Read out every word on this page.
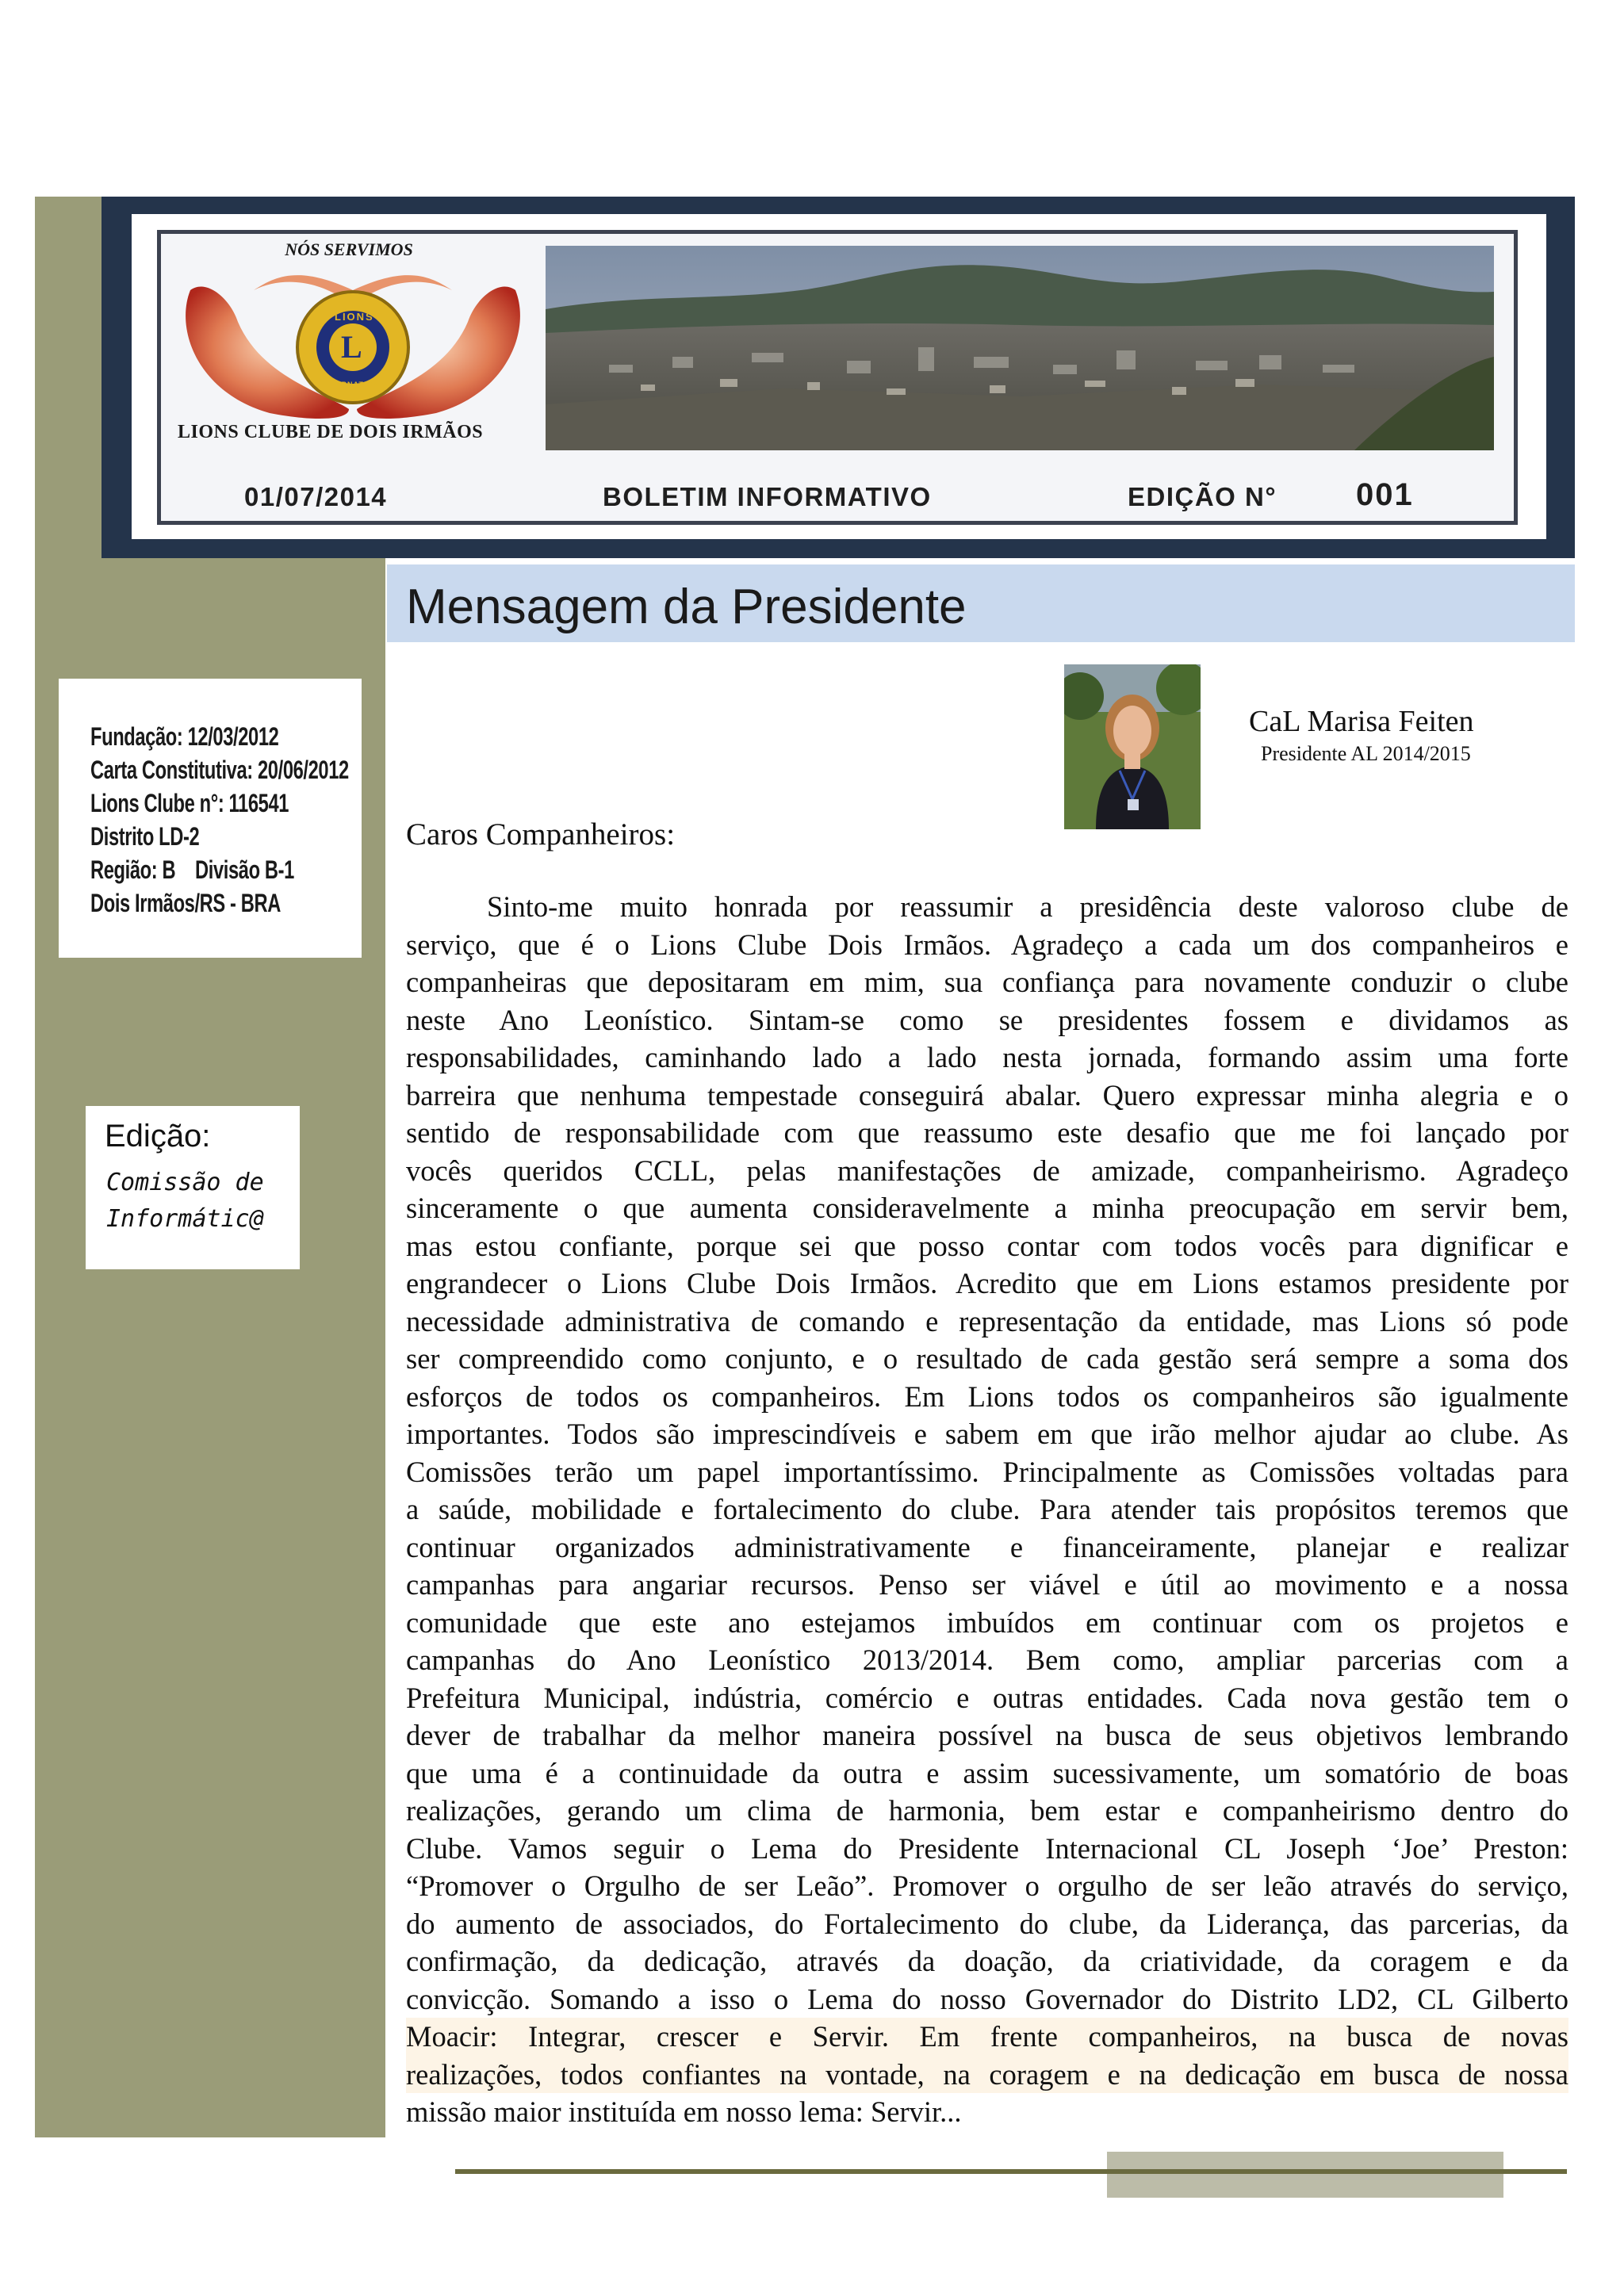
NÓS SERVIMOS
L
LIONS
INTERNATIONAL
LIONS CLUBE DE DOIS IRMÃOS
01/07/2014	BOLETIM INFORMATIVO	EDIÇÃO N° 001
Mensagem da Presidente
Fundação: 12/03/2012
Carta Constitutiva: 20/06/2012
Lions Clube n°: 116541
Distrito LD-2
Região: B    Divisão B-1
Dois Irmãos/RS - BRA
Edição:
Comissão de
Informátic@
CaL Marisa Feiten
Presidente AL 2014/2015
Caros Companheiros:
Sinto-me muito honrada por reassumir a presidência deste valoroso clube de
serviço, que é o Lions Clube Dois Irmãos. Agradeço a cada um dos companheiros e
companheiras que depositaram em mim, sua confiança para novamente conduzir o clube
neste Ano Leonístico. Sintam-se como se presidentes fossem e dividamos as
responsabilidades, caminhando lado a lado nesta jornada, formando assim uma forte
barreira que nenhuma tempestade conseguirá abalar. Quero expressar minha alegria e o
sentido de responsabilidade com que reassumo este desafio que me foi lançado por
vocês queridos CCLL, pelas manifestações de amizade, companheirismo. Agradeço
sinceramente o que aumenta consideravelmente a minha preocupação em servir bem,
mas estou confiante, porque sei que posso contar com todos vocês para dignificar e
engrandecer o Lions Clube Dois Irmãos. Acredito que em Lions estamos presidente por
necessidade administrativa de comando e representação da entidade, mas Lions só pode
ser compreendido como conjunto, e o resultado de cada gestão será sempre a soma dos
esforços de todos os companheiros. Em Lions todos os companheiros são igualmente
importantes. Todos são imprescindíveis e sabem em que irão melhor ajudar ao clube. As
Comissões terão um papel importantíssimo. Principalmente as Comissões voltadas para
a saúde, mobilidade e fortalecimento do clube. Para atender tais propósitos teremos que
continuar organizados administrativamente e financeiramente, planejar e realizar
campanhas para angariar recursos. Penso ser viável e útil ao movimento e a nossa
comunidade que este ano estejamos imbuídos em continuar com os projetos e
campanhas do Ano Leonístico 2013/2014. Bem como, ampliar parcerias com a
Prefeitura Municipal, indústria, comércio e outras entidades. Cada nova gestão tem o
dever de trabalhar da melhor maneira possível na busca de seus objetivos lembrando
que uma é a continuidade da outra e assim sucessivamente, um somatório de boas
realizações, gerando um clima de harmonia, bem estar e companheirismo dentro do
Clube. Vamos seguir o Lema do Presidente Internacional CL Joseph ‘Joe’ Preston:
“Promover o Orgulho de ser Leão”. Promover o orgulho de ser leão através do serviço,
do aumento de associados, do Fortalecimento do clube, da Liderança, das parcerias, da
confirmação, da dedicação, através da doação, da criatividade, da coragem e da
convicção. Somando a isso o Lema do nosso Governador do Distrito LD2, CL Gilberto
Moacir: Integrar, crescer e Servir. Em frente companheiros, na busca de novas
realizações, todos confiantes na vontade, na coragem e na dedicação em busca de nossa
missão maior instituída em nosso lema: Servir...
